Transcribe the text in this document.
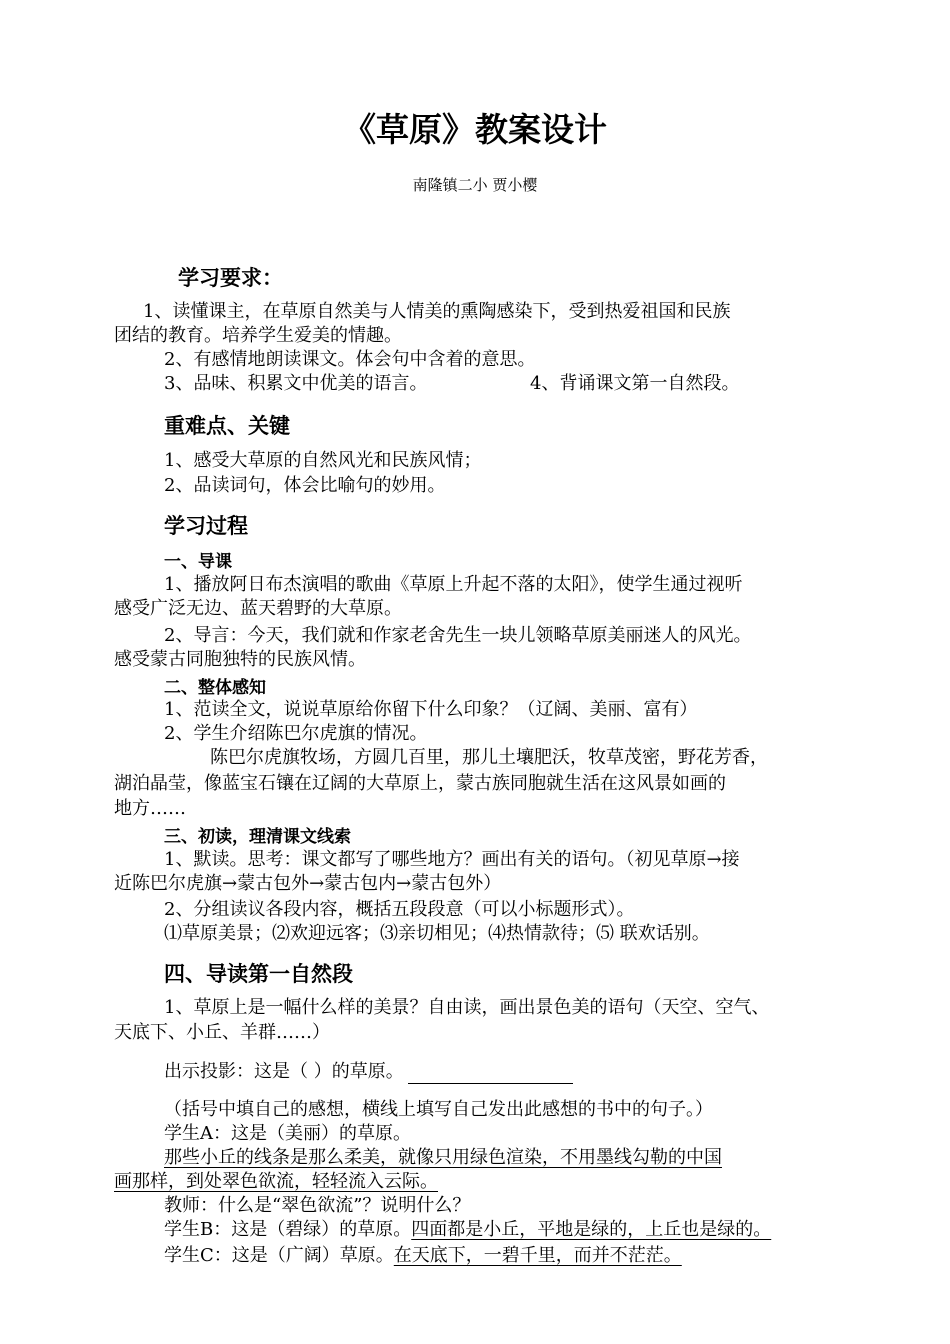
《草原》教案设计
南隆镇二小 贾小樱
学习要求：
1、读懂课主，在草原自然美与人情美的熏陶感染下，受到热爱祖国和民族
团结的教育。培养学生爱美的情趣。
2、有感情地朗读课文。体会句中含着的意思。
3、品味、积累文中优美的语言。	4、背诵课文第一自然段。
重难点、关键
1、感受大草原的自然风光和民族风情；
2、品读词句，体会比喻句的妙用。
学习过程
一、导课
1、播放阿日布杰演唱的歌曲《草原上升起不落的太阳》，使学生通过视听
感受广泛无边、蓝天碧野的大草原。
2、导言：今天，我们就和作家老舍先生一块儿领略草原美丽迷人的风光。
感受蒙古同胞独特的民族风情。
二、整体感知
1、范读全文，说说草原给你留下什么印象？（辽阔、美丽、富有）
2、学生介绍陈巴尔虎旗的情况。
陈巴尔虎旗牧场，方圆几百里，那儿土壤肥沃，牧草茂密，野花芳香，
湖泊晶莹，像蓝宝石镶在辽阔的大草原上，蒙古族同胞就生活在这风景如画的
地方……
三、初读，理清课文线索
1、默读。思考：课文都写了哪些地方？画出有关的语句。（初见草原→接
近陈巴尔虎旗→蒙古包外→蒙古包内→蒙古包外）
2、分组读议各段内容，概括五段段意（可以小标题形式）。
⑴草原美景；⑵欢迎远客；⑶亲切相见；⑷热情款待；⑸ 联欢话别。
四、导读第一自然段
1、草原上是一幅什么样的美景？自由读，画出景色美的语句（天空、空气、
天底下、小丘、羊群……）
出示投影：这是（ ）的草原。
（括号中填自己的感想，横线上填写自己发出此感想的书中的句子。）
学生A：这是（美丽）的草原。
那些小丘的线条是那么柔美，就像只用绿色渲染，不用墨线勾勒的中国
画那样，到处翠色欲流，轻轻流入云际。
教师：什么是“翠色欲流”？说明什么？
学生B：这是（碧绿）的草原。四面都是小丘，平地是绿的，上丘也是绿的。
学生C：这是（广阔）草原。在天底下，一碧千里，而并不茫茫。
